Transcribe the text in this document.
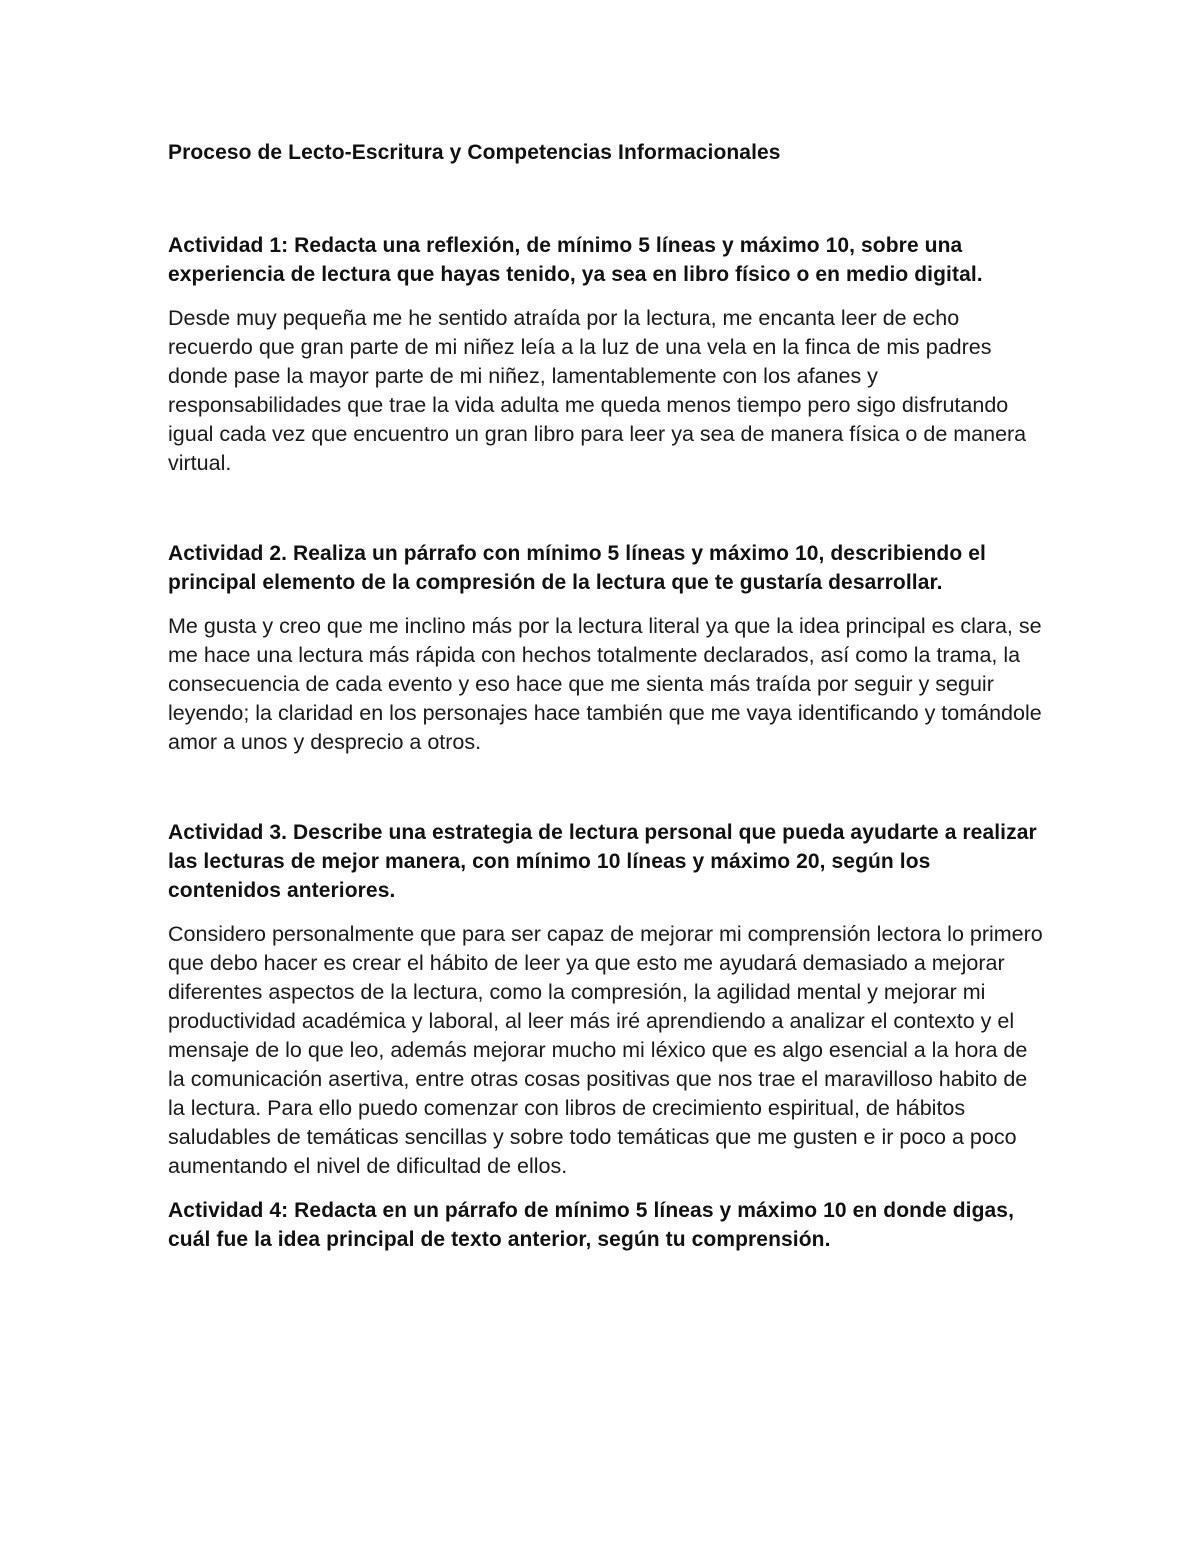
Proceso de Lecto-Escritura y Competencias Informacionales
Actividad 1: Redacta una reflexión, de mínimo 5 líneas y máximo 10, sobre una experiencia de lectura que hayas tenido, ya sea en libro físico o en medio digital.

Desde muy pequeña me he sentido atraída por la lectura, me encanta leer de echo recuerdo que gran parte de mi niñez leía a la luz de una vela en la finca de mis padres donde pase la mayor parte de mi niñez, lamentablemente con los afanes y responsabilidades que trae la vida adulta me queda menos tiempo pero sigo disfrutando igual cada vez que encuentro un gran libro para leer ya sea de manera física o de manera virtual.

Actividad 2. Realiza un párrafo con mínimo 5 líneas y máximo 10, describiendo el principal elemento de la compresión de la lectura que te gustaría desarrollar.

Me gusta y creo que me inclino más por la lectura literal ya que la idea principal es clara, se me hace una lectura más rápida con hechos totalmente declarados, así como la trama, la consecuencia de cada evento y eso hace que me sienta más traída por seguir y seguir leyendo; la claridad en los personajes hace también que me vaya identificando y tomándole amor a unos y desprecio a otros.

Actividad 3. Describe una estrategia de lectura personal que pueda ayudarte a realizar las lecturas de mejor manera, con mínimo 10 líneas y máximo 20, según los contenidos anteriores.

Considero personalmente que para ser capaz de mejorar mi comprensión lectora lo primero que debo hacer es crear el hábito de leer ya que esto me ayudará demasiado a mejorar diferentes aspectos de la lectura, como la compresión, la agilidad mental y mejorar mi productividad académica y laboral, al leer más iré aprendiendo a analizar el contexto y el mensaje de lo que leo, además mejorar mucho mi léxico que es algo esencial a la hora de la comunicación asertiva, entre otras cosas positivas que nos trae el maravilloso habito de la lectura. Para ello puedo comenzar con libros de crecimiento espiritual, de hábitos saludables de temáticas sencillas y sobre todo temáticas que me gusten e ir poco a poco aumentando el nivel de dificultad de ellos.

Actividad 4: Redacta en un párrafo de mínimo 5 líneas y máximo 10 en donde digas, cuál fue la idea principal de texto anterior, según tu comprensión.
